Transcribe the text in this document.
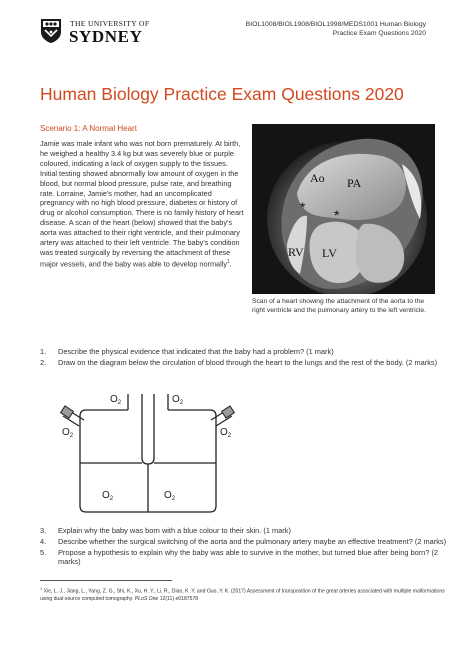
THE UNIVERSITY OF
SYDNEY
BIOL1008/BIOL1908/BIOL1998/MEDS1001 Human Biology
Practice Exam Questions 2020
Human Biology Practice Exam Questions 2020
Scenario 1: A Normal Heart
Jamie was male infant who was not born prematurely. At birth, he weighed a healthy 3.4 kg but was severely blue or purple coloured, indicating a lack of oxygen supply to the tissues. Initial testing showed abnormally low amount of oxygen in the blood, but normal blood pressure, pulse rate, and breathing rate. Lorraine, Jamie's mother, had an uncomplicated pregnancy with no high blood pressure, diabetes or history of drug or alcohol consumption. There is no family history of heart disease. A scan of the heart (below) showed that the baby's aorta was attached to their right ventricle, and their pulmonary artery was attached to their left ventricle. The baby's condition was treated surgically by reversing the attachment of these major vessels, and the baby was able to develop normally$^1$.
Ao PA
* *
RV LV
Scan of a heart showing the attachment of the aorta to the right ventricle and the pulmonary artery to the left ventricle.
1.	Describe the physical evidence that indicated that the baby had a problem? (1 mark)
2.	Draw on the diagram below the circulation of blood through the heart to the lungs and the rest of the body. (2 marks)
$O_2$	$O_2$
$O_2$	$O_2$
$O_2$	$O_2$
3.	Explain why the baby was born with a blue colour to their skin. (1 mark)
4.	Describe whether the surgical switching of the aorta and the pulmonary artery maybe an effective treatment? (2 marks)
5.	Propose a hypothesis to explain why the baby was able to survive in the mother, but turned blue after being born? (2 marks)
$^1$ Xie, L. J., Jiang, L., Yang, Z. G., Shi, K., Xu, H. Y., Li, R., Diao, K .Y. and Guo, Y. K. (2017) Assessment of transposition of the great arteries associated with multiple malformations using dual-source computed tomography. PLoS One 12(11) e0187578
